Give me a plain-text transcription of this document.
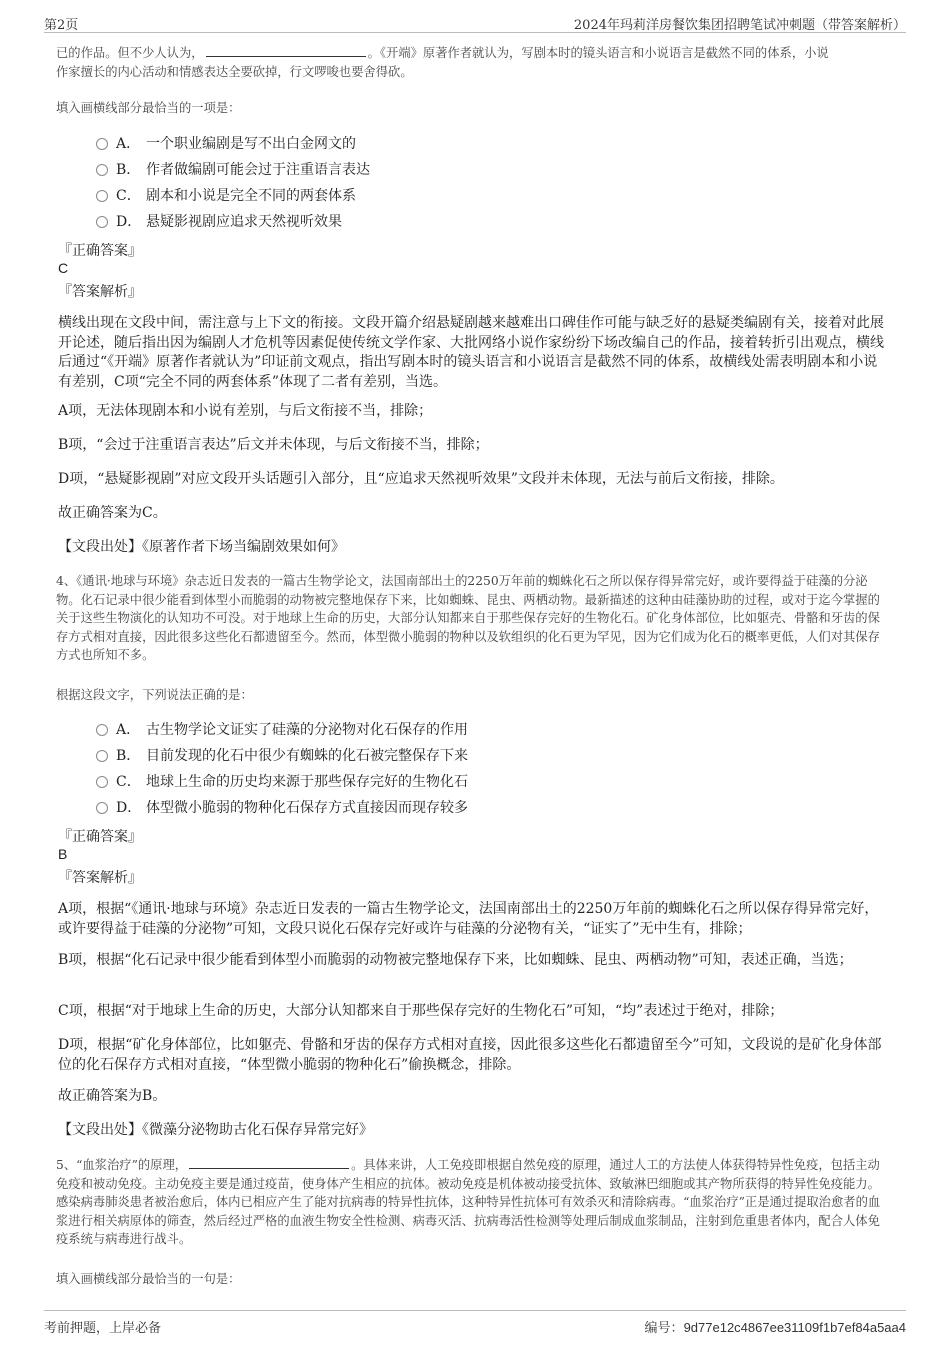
第2页	2024年玛莉洋房餐饮集团招聘笔试冲刺题（带答案解析）

已的作品。但不少人认为，	。《开端》原著作者就认为，写剧本时的镜头语言和小说语言是截然不同的体系，小说
作家擅长的内心活动和情感表达全要砍掉，行文啰唆也要舍得砍。

填入画横线部分最恰当的一项是：

A． 一个职业编剧是写不出白金网文的
B． 作者做编剧可能会过于注重语言表达
C． 剧本和小说是完全不同的两套体系
D． 悬疑影视剧应追求天然视听效果
『正确答案』
C
『答案解析』

横线出现在文段中间，需注意与上下文的衔接。文段开篇介绍悬疑剧越来越难出口碑佳作可能与缺乏好的悬疑类编剧有关，接着对此展开论述，随后指出因为编剧人才危机等因素促使传统文学作家、大批网络小说作家纷纷下场改编自己的作品，接着转折引出观点，横线后通过“《开端》原著作者就认为”印证前文观点，指出写剧本时的镜头语言和小说语言是截然不同的体系，故横线处需表明剧本和小说有差别，C项“完全不同的两套体系”体现了二者有差别，当选。

A项，无法体现剧本和小说有差别，与后文衔接不当，排除；

B项，“会过于注重语言表达”后文并未体现，与后文衔接不当，排除；

D项，“悬疑影视剧”对应文段开头话题引入部分，且“应追求天然视听效果”文段并未体现，无法与前后文衔接，排除。

故正确答案为C。

【文段出处】《原著作者下场当编剧效果如何》

4、《通讯·地球与环境》杂志近日发表的一篇古生物学论文，法国南部出土的2250万年前的蜘蛛化石之所以保存得异常完好，或许要得益于硅藻的分泌物。化石记录中很少能看到体型小而脆弱的动物被完整地保存下来，比如蜘蛛、昆虫、两栖动物。最新描述的这种由硅藻协助的过程，或对于迄今掌握的关于这些生物演化的认知功不可没。对于地球上生命的历史，大部分认知都来自于那些保存完好的生物化石。矿化身体部位，比如躯壳、骨骼和牙齿的保存方式相对直接，因此很多这些化石都遗留至今。然而，体型微小脆弱的物种以及软组织的化石更为罕见，因为它们成为化石的概率更低，人们对其保存方式也所知不多。

根据这段文字，下列说法正确的是：

A． 古生物学论文证实了硅藻的分泌物对化石保存的作用
B． 目前发现的化石中很少有蜘蛛的化石被完整保存下来
C． 地球上生命的历史均来源于那些保存完好的生物化石
D． 体型微小脆弱的物种化石保存方式直接因而现存较多
『正确答案』
B
『答案解析』

A项，根据“《通讯·地球与环境》杂志近日发表的一篇古生物学论文，法国南部出土的2250万年前的蜘蛛化石之所以保存得异常完好，或许要得益于硅藻的分泌物”可知，文段只说化石保存完好或许与硅藻的分泌物有关，“证实了”无中生有，排除；

B项，根据“化石记录中很少能看到体型小而脆弱的动物被完整地保存下来，比如蜘蛛、昆虫、两栖动物”可知，表述正确，当选；

C项，根据“对于地球上生命的历史，大部分认知都来自于那些保存完好的生物化石”可知，“均”表述过于绝对，排除；

D项，根据“矿化身体部位，比如躯壳、骨骼和牙齿的保存方式相对直接，因此很多这些化石都遗留至今”可知，文段说的是矿化身体部位的化石保存方式相对直接，“体型微小脆弱的物种化石”偷换概念，排除。

故正确答案为B。

【文段出处】《微藻分泌物助古化石保存异常完好》

5、“血浆治疗”的原理，	。具体来讲，人工免疫即根据自然免疫的原理，通过人工的方法使人体获得特异性免疫，包括主动免疫和被动免疫。主动免疫主要是通过疫苗，使身体产生相应的抗体。被动免疫是机体被动接受抗体、致敏淋巴细胞或其产物所获得的特异性免疫能力。感染病毒肺炎患者被治愈后，体内已相应产生了能对抗病毒的特异性抗体，这种特异性抗体可有效杀灭和清除病毒。“血浆治疗”正是通过提取治愈者的血浆进行相关病原体的筛查，然后经过严格的血液生物安全性检测、病毒灭活、抗病毒活性检测等处理后制成血浆制品，注射到危重患者体内，配合人体免疫系统与病毒进行战斗。

填入画横线部分最恰当的一句是：

考前押题，上岸必备	编号：9d77e12c4867ee31109f1b7ef84a5aa4
